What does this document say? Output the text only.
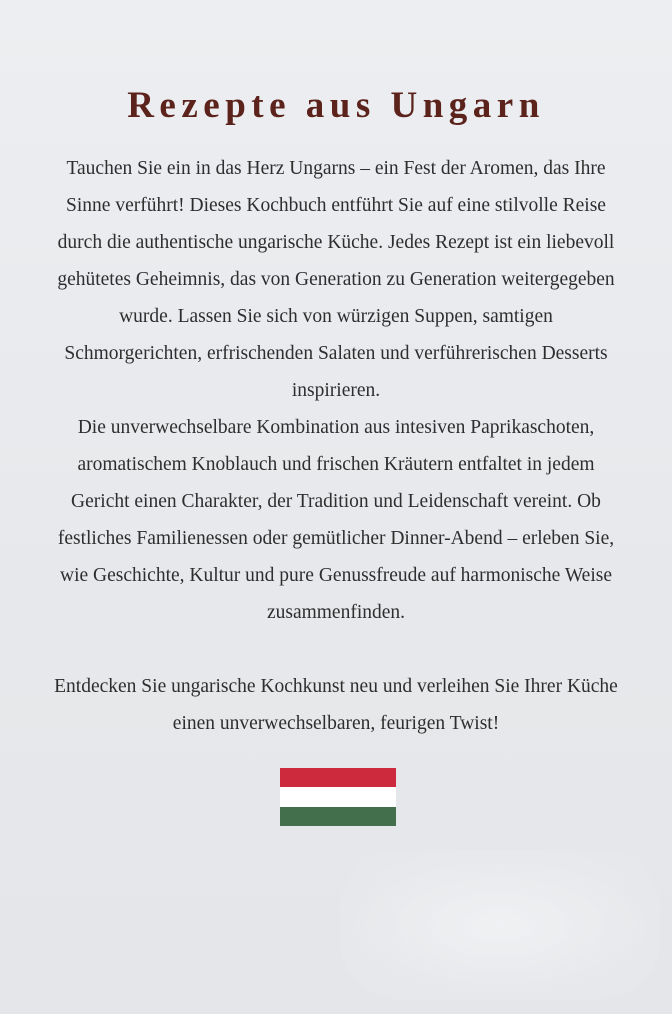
Rezepte aus Ungarn

Tauchen Sie ein in das Herz Ungarns – ein Fest der Aromen, das Ihre Sinne verführt! Dieses Kochbuch entführt Sie auf eine stilvolle Reise durch die authentische ungarische Küche. Jedes Rezept ist ein liebevoll gehütetes Geheimnis, das von Generation zu Generation weitergegeben wurde. Lassen Sie sich von würzigen Suppen, samtigen Schmorgerichten, erfrischenden Salaten und verführerischen Desserts inspirieren.

Die unverwechselbare Kombination aus intesiven Paprikaschoten, aromatischem Knoblauch und frischen Kräutern entfaltet in jedem Gericht einen Charakter, der Tradition und Leidenschaft vereint. Ob festliches Familienessen oder gemütlicher Dinner-Abend – erleben Sie, wie Geschichte, Kultur und pure Genussfreude auf harmonische Weise zusammenfinden.

Entdecken Sie ungarische Kochkunst neu und verleihen Sie Ihrer Küche einen unverwechselbaren, feurigen Twist!
